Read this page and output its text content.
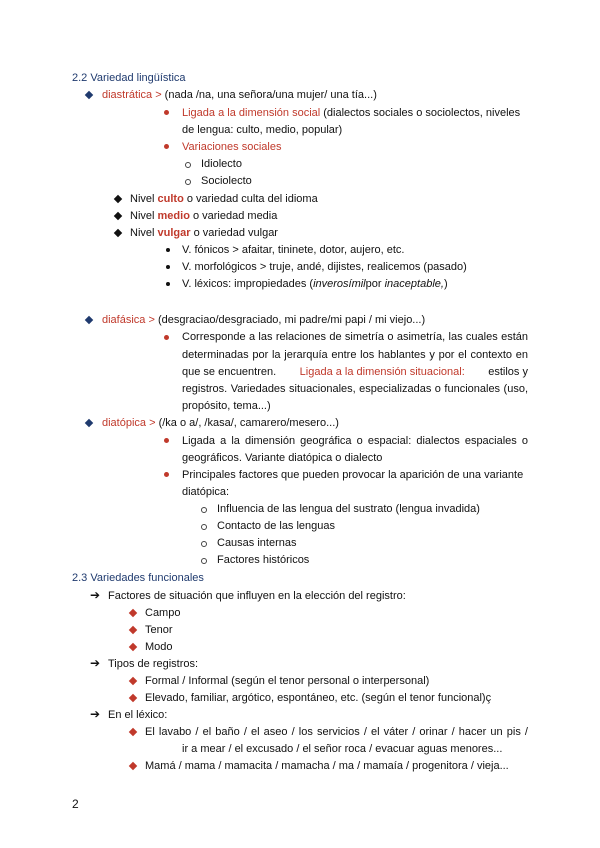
2.2 Variedad lingüística
diastrática > (nada /na, una señora/una mujer/ una tía...)
Ligada a la dimensión social (dialectos sociales o sociolectos, niveles
de lengua: culto, medio, popular)
Variaciones sociales
Idiolecto
Sociolecto
Nivel culto o variedad culta del idioma
Nivel medio o variedad media
Nivel vulgar o variedad vulgar
V. fónicos > afaitar, tininete, dotor, aujero, etc.
V. morfológicos > truje, andé, dijistes, realicemos (pasado)
V. léxicos: impropiedades (inverosímilpor inaceptable,)
diafásica > (desgraciao/desgraciado, mi padre/mi papi / mi viejo...)
Corresponde a las relaciones de simetría o asimetría, las cuales están
determinadas por la jerarquía entre los hablantes y por el contexto en
que se encuentren. Ligada a la dimensión situacional: estilos y
registros. Variedades situacionales, especializadas o funcionales (uso,
propósito, tema...)
diatópica > (/ka o a/, /kasa/, camarero/mesero...)
Ligada a la dimensión geográfica o espacial: dialectos espaciales o
geográficos. Variante diatópica o dialecto
Principales factores que pueden provocar la aparición de una variante
diatópica:
Influencia de las lengua del sustrato (lengua invadida)
Contacto de las lenguas
Causas internas
Factores históricos
2.3 Variedades funcionales
➔ Factores de situación que influyen en la elección del registro:
Campo
Tenor
Modo
➔ Tipos de registros:
Formal / Informal (según el tenor personal o interpersonal)
Elevado, familiar, argótico, espontáneo, etc. (según el tenor funcional)ç
➔ En el léxico:
El lavabo / el baño / el aseo / los servicios / el váter / orinar / hacer un pis /
ir a mear / el excusado / el señor roca / evacuar aguas menores...
Mamá / mama / mamacita / mamacha / ma / mamaía / progenitora / vieja...
2
